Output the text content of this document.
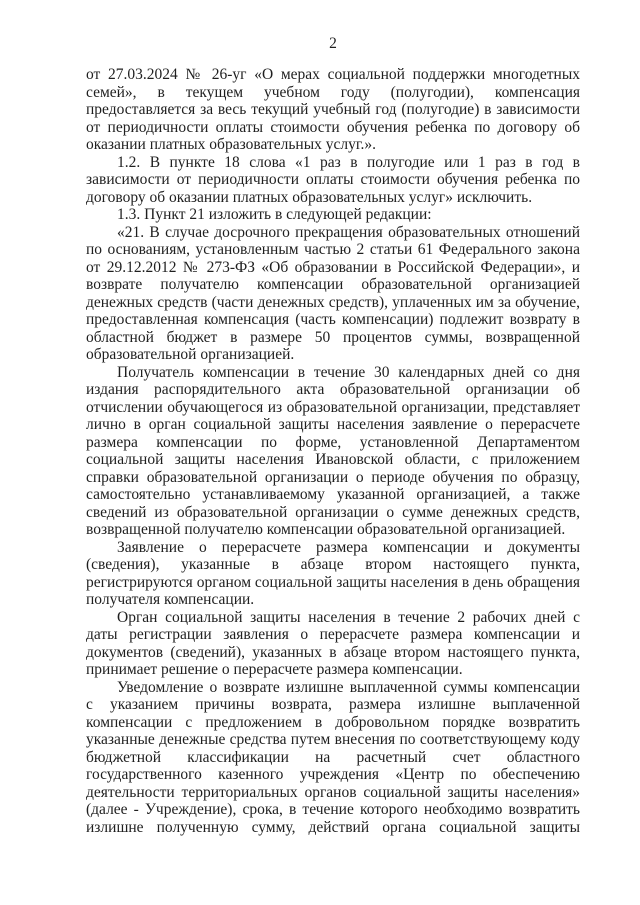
2
от 27.03.2024 № 26-уг «О мерах социальной поддержки многодетных
семей», в текущем учебном году (полугодии), компенсация
предоставляется за весь текущий учебный год (полугодие) в зависимости
от периодичности оплаты стоимости обучения ребенка по договору об
оказании платных образовательных услуг.».
1.2. В пункте 18 слова «1 раз в полугодие или 1 раз в год в
зависимости от периодичности оплаты стоимости обучения ребенка по
договору об оказании платных образовательных услуг» исключить.
1.3. Пункт 21 изложить в следующей редакции:
«21. В случае досрочного прекращения образовательных отношений
по основаниям, установленным частью 2 статьи 61 Федерального закона
от 29.12.2012 № 273-ФЗ «Об образовании в Российской Федерации», и
возврате получателю компенсации образовательной организацией
денежных средств (части денежных средств), уплаченных им за обучение,
предоставленная компенсация (часть компенсации) подлежит возврату в
областной бюджет в размере 50 процентов суммы, возвращенной
образовательной организацией.
Получатель компенсации в течение 30 календарных дней со дня
издания распорядительного акта образовательной организации об
отчислении обучающегося из образовательной организации, представляет
лично в орган социальной защиты населения заявление о перерасчете
размера компенсации по форме, установленной Департаментом
социальной защиты населения Ивановской области, с приложением
справки образовательной организации о периоде обучения по образцу,
самостоятельно устанавливаемому указанной организацией, а также
сведений из образовательной организации о сумме денежных средств,
возвращенной получателю компенсации образовательной организацией.
Заявление о перерасчете размера компенсации и документы
(сведения), указанные в абзаце втором настоящего пункта,
регистрируются органом социальной защиты населения в день обращения
получателя компенсации.
Орган социальной защиты населения в течение 2 рабочих дней с
даты регистрации заявления о перерасчете размера компенсации и
документов (сведений), указанных в абзаце втором настоящего пункта,
принимает решение о перерасчете размера компенсации.
Уведомление о возврате излишне выплаченной суммы компенсации
с указанием причины возврата, размера излишне выплаченной
компенсации с предложением в добровольном порядке возвратить
указанные денежные средства путем внесения по соответствующему коду
бюджетной классификации на расчетный счет областного
государственного казенного учреждения «Центр по обеспечению
деятельности территориальных органов социальной защиты населения»
(далее - Учреждение), срока, в течение которого необходимо возвратить
излишне полученную сумму, действий органа социальной защиты
